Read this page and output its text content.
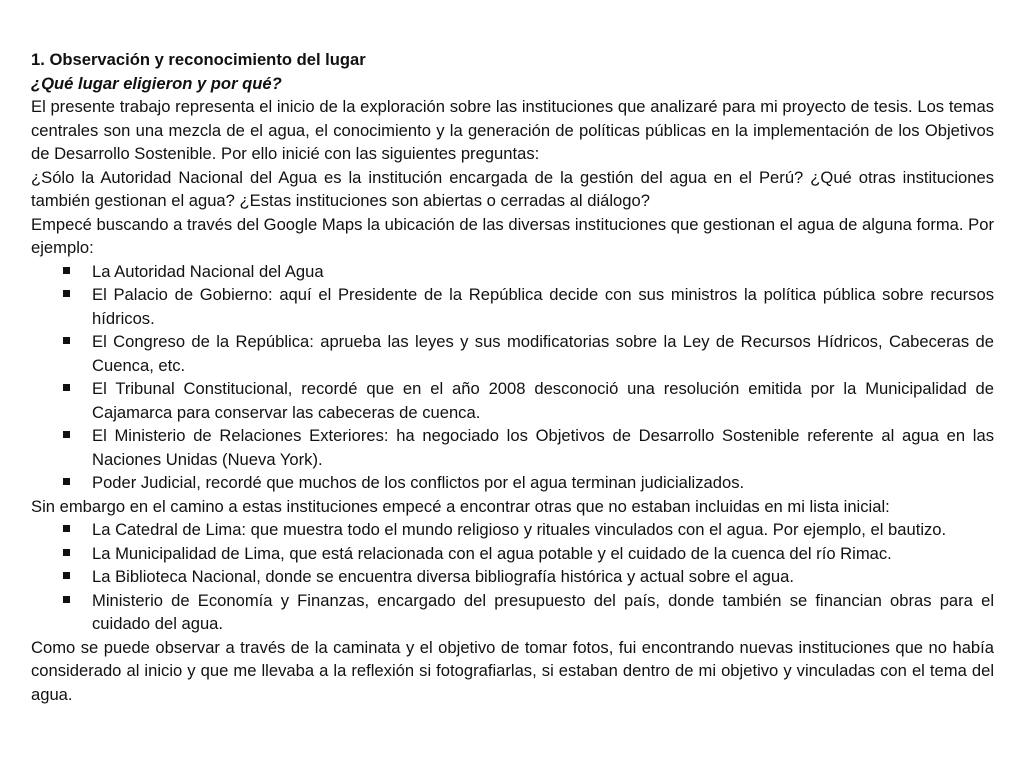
1. Observación y reconocimiento del lugar
¿Qué lugar eligieron y por qué?
El presente trabajo representa el inicio de la exploración sobre las instituciones que analizaré para mi proyecto de tesis. Los temas centrales son una mezcla de el agua, el conocimiento y la generación de políticas públicas en la implementación de los Objetivos de Desarrollo Sostenible. Por ello inicié con las siguientes preguntas:
¿Sólo la Autoridad Nacional del Agua es la institución encargada de la gestión del agua en el Perú? ¿Qué otras instituciones también gestionan el agua? ¿Estas instituciones son abiertas o cerradas al diálogo?
Empecé buscando a través del Google Maps la ubicación de las diversas instituciones que gestionan el agua de alguna forma. Por ejemplo:
La Autoridad Nacional del Agua
El Palacio de Gobierno: aquí el Presidente de la República decide con sus ministros la política pública sobre recursos hídricos.
El Congreso de la República: aprueba las leyes y sus modificatorias sobre la Ley de Recursos Hídricos, Cabeceras de Cuenca, etc.
El Tribunal Constitucional, recordé que en el año 2008 desconoció una resolución emitida por la Municipalidad de Cajamarca para conservar las cabeceras de cuenca.
El Ministerio de Relaciones Exteriores: ha negociado los Objetivos de Desarrollo Sostenible referente al agua en las Naciones Unidas (Nueva York).
Poder Judicial, recordé que muchos de los conflictos por el agua terminan judicializados.
Sin embargo en el camino a estas instituciones empecé a encontrar otras que no estaban incluidas en mi lista inicial:
La Catedral de Lima: que muestra todo el mundo religioso y rituales vinculados con el agua. Por ejemplo, el bautizo.
La Municipalidad de Lima, que está relacionada con el agua potable y el cuidado de la cuenca del río Rimac.
La Biblioteca Nacional, donde se encuentra diversa bibliografía histórica y actual sobre el agua.
Ministerio de Economía y Finanzas, encargado del presupuesto del país, donde también se financian obras para el cuidado del agua.
Como se puede observar a través de la caminata y el objetivo de tomar fotos, fui encontrando nuevas instituciones que no había considerado al inicio y que me llevaba a la reflexión si fotografiarlas, si estaban dentro de mi objetivo y vinculadas con el tema del agua.
